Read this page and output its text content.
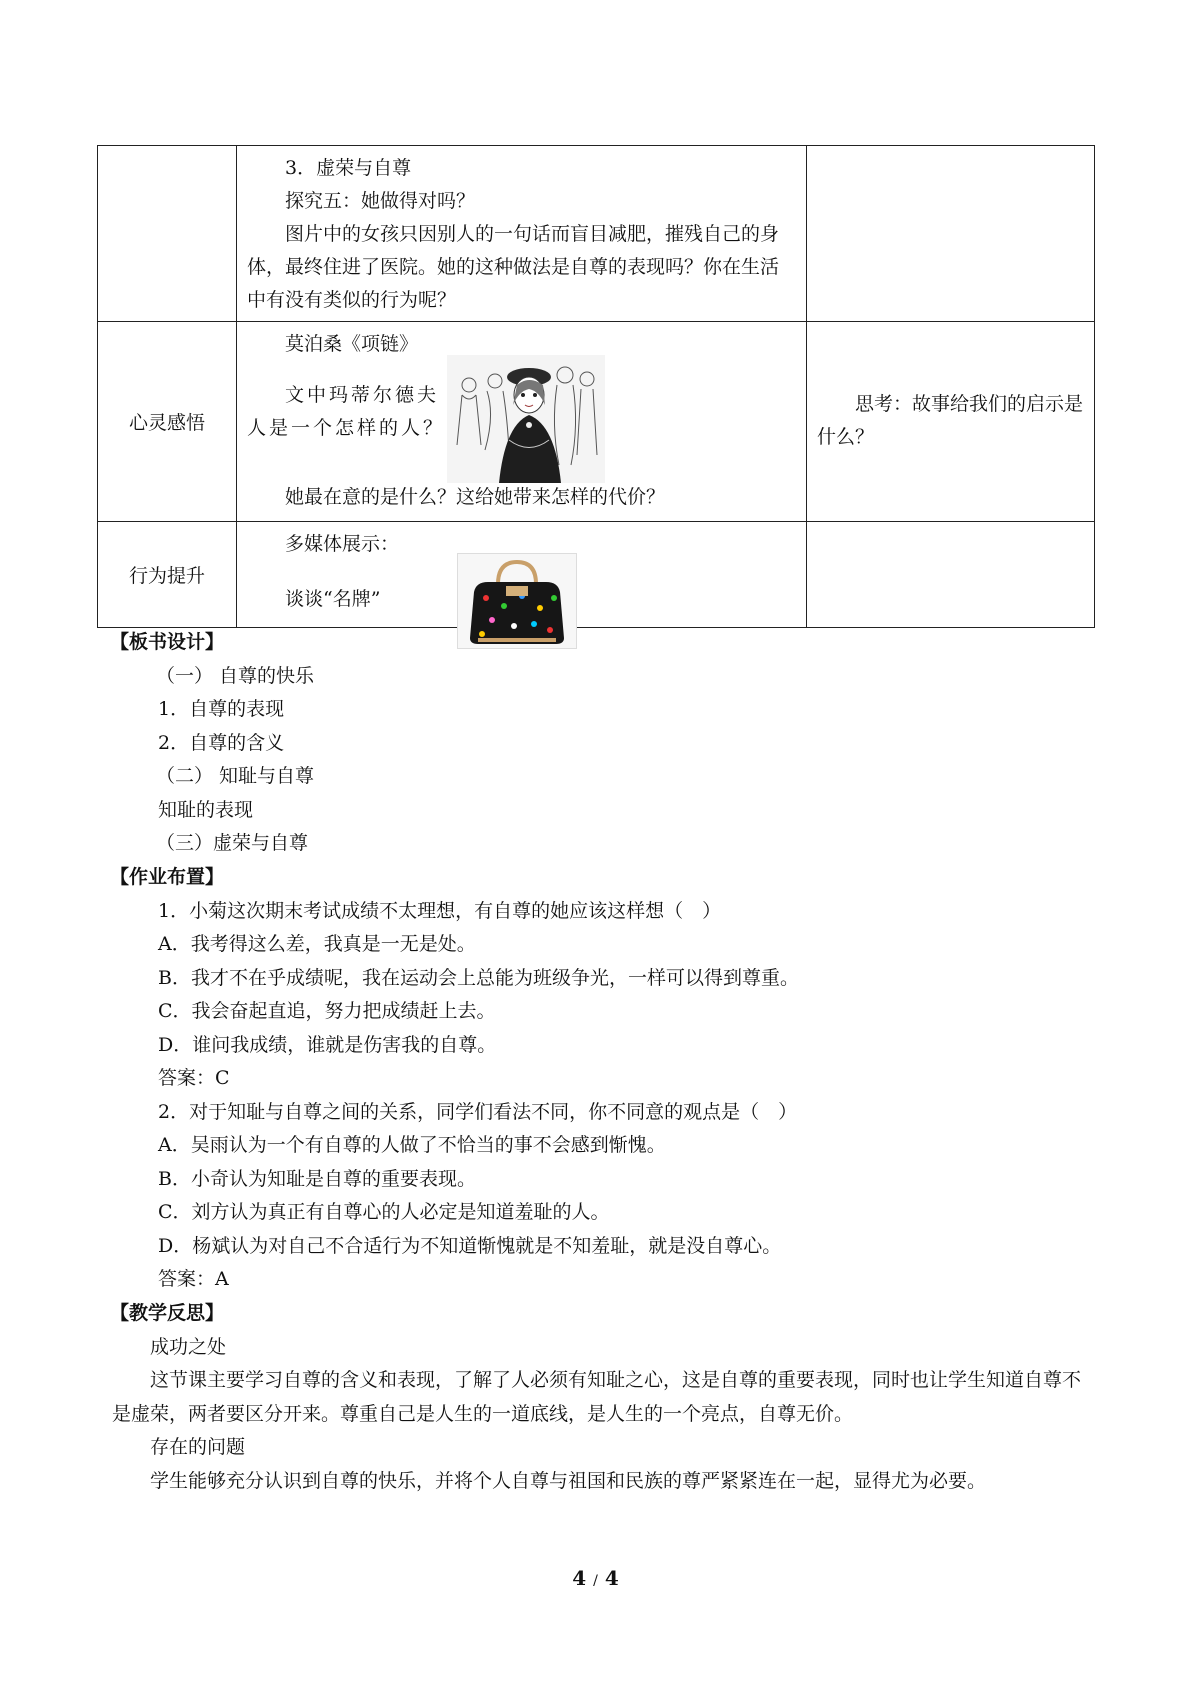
	3．虚荣与自尊
探究五：她做得对吗？
图片中的女孩只因别人的一句话而盲目减肥，摧残自己的身体，最终住进了医院。她的这种做法是自尊的表现吗？你在生活中有没有类似的行为呢？	

心灵感悟	莫泊桑《项链》
文中玛蒂尔德夫人是一个怎样的人？
她最在意的是什么？这给她带来怎样的代价？	思考：故事给我们的启示是什么？

行为提升	多媒体展示：
谈谈“名牌”	

【板书设计】
（一） 自尊的快乐
1．自尊的表现
2．自尊的含义
（二） 知耻与自尊
知耻的表现
（三）虚荣与自尊
【作业布置】
1．小菊这次期末考试成绩不太理想，有自尊的她应该这样想（　）
A．我考得这么差，我真是一无是处。
B．我才不在乎成绩呢，我在运动会上总能为班级争光，一样可以得到尊重。
C．我会奋起直追，努力把成绩赶上去。
D．谁问我成绩，谁就是伤害我的自尊。
答案：C
2．对于知耻与自尊之间的关系，同学们看法不同，你不同意的观点是（　）
A．吴雨认为一个有自尊的人做了不恰当的事不会感到惭愧。
B．小奇认为知耻是自尊的重要表现。
C．刘方认为真正有自尊心的人必定是知道羞耻的人。
D．杨斌认为对自己不合适行为不知道惭愧就是不知羞耻，就是没自尊心。
答案：A
【教学反思】
成功之处
这节课主要学习自尊的含义和表现，了解了人必须有知耻之心，这是自尊的重要表现，同时也让学生知道自尊不是虚荣，两者要区分开来。尊重自己是人生的一道底线，是人生的一个亮点，自尊无价。
存在的问题
学生能够充分认识到自尊的快乐，并将个人自尊与祖国和民族的尊严紧紧连在一起，显得尤为必要。
4 / 4
